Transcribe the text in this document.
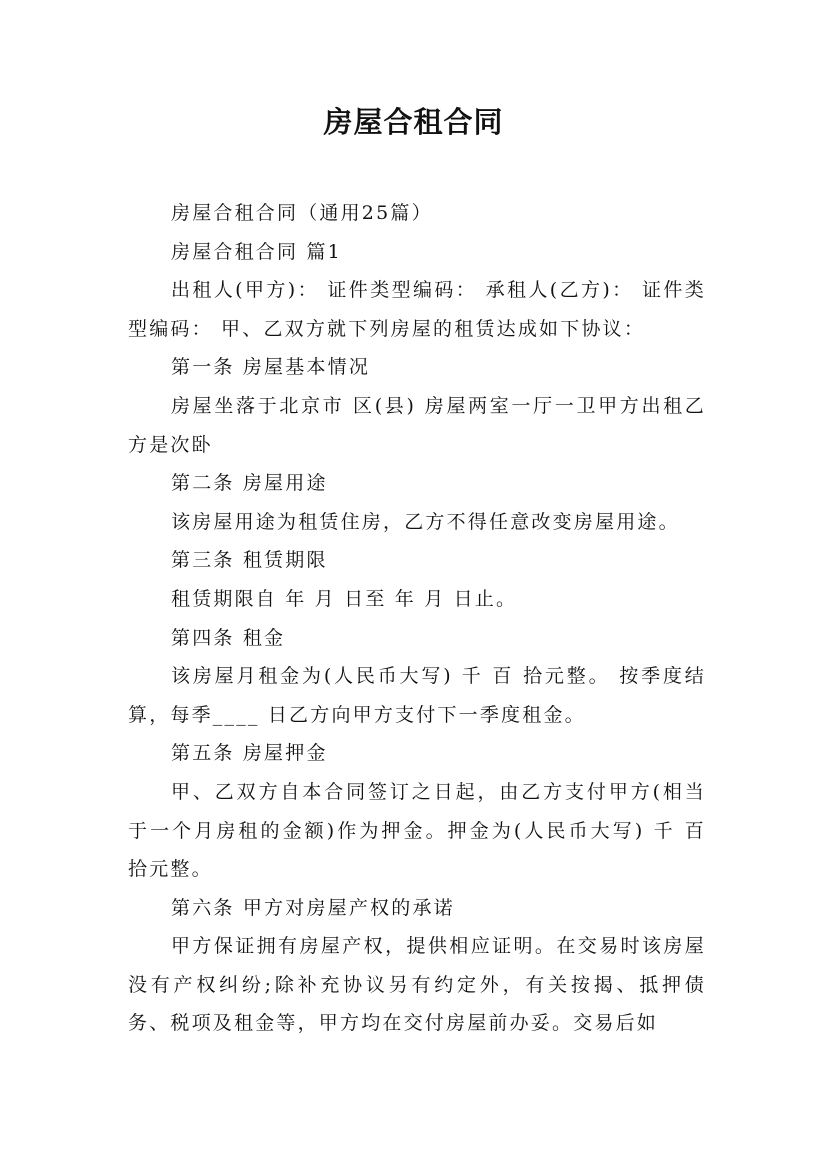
房屋合租合同

房屋合租合同（通用25篇）

房屋合租合同 篇1

出租人(甲方)： 证件类型编码： 承租人(乙方)： 证件类型编码： 甲、乙双方就下列房屋的租赁达成如下协议：

第一条 房屋基本情况

房屋坐落于北京市 区(县) 房屋两室一厅一卫甲方出租乙方是次卧

第二条 房屋用途

该房屋用途为租赁住房，乙方不得任意改变房屋用途。

第三条 租赁期限

租赁期限自 年 月 日至 年 月 日止。

第四条 租金

该房屋月租金为(人民币大写) 千 百 拾元整。 按季度结算，每季____ 日乙方向甲方支付下一季度租金。

第五条 房屋押金

甲、乙双方自本合同签订之日起，由乙方支付甲方(相当于一个月房租的金额)作为押金。押金为(人民币大写) 千 百 拾元整。

第六条 甲方对房屋产权的承诺

甲方保证拥有房屋产权，提供相应证明。在交易时该房屋没有产权纠纷;除补充协议另有约定外，有关按揭、抵押债务、税项及租金等，甲方均在交付房屋前办妥。交易后如
